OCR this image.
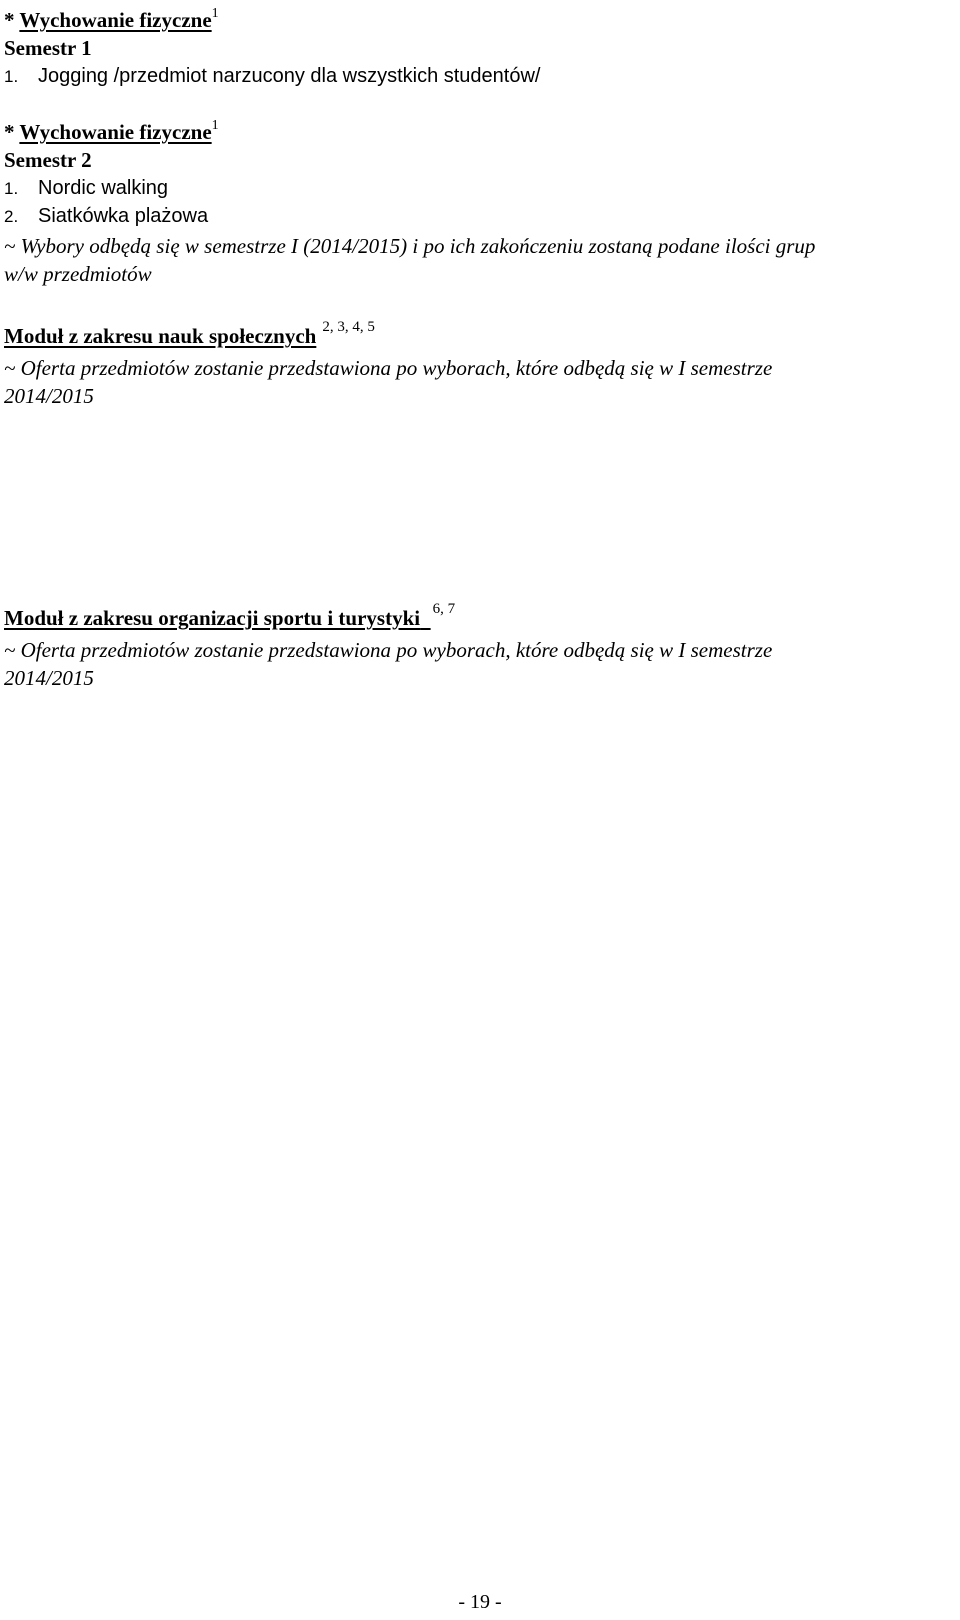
* Wychowanie fizyczne$^1$
Semestr 1
1. Jogging /przedmiot narzucony dla wszystkich studentów/
* Wychowanie fizyczne$^1$
Semestr 2
1. Nordic walking
2. Siatkówka plażowa
~ Wybory odbędą się w semestrze I (2014/2015) i po ich zakończeniu zostaną podane ilości grup
w/w przedmiotów
Moduł z zakresu nauk społecznych $^{2, 3, 4, 5}$
~ Oferta przedmiotów zostanie przedstawiona po wyborach, które odbędą się w I semestrze
2014/2015
Moduł z zakresu organizacji sportu i turystyki $^{6, 7}$
~ Oferta przedmiotów zostanie przedstawiona po wyborach, które odbędą się w I semestrze
2014/2015
- 19 -
